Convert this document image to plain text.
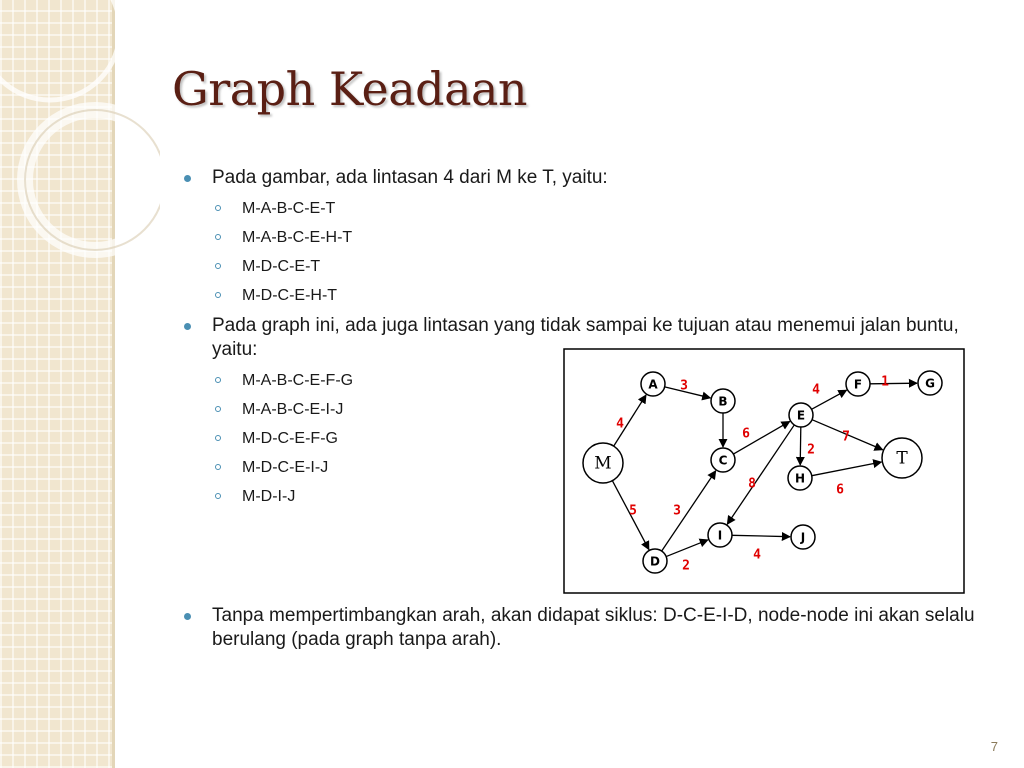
Graph Keadaan
Pada gambar, ada lintasan 4 dari M ke T, yaitu:
M-A-B-C-E-T
M-A-B-C-E-H-T
M-D-C-E-T
M-D-C-E-H-T
Pada graph ini, ada juga lintasan yang tidak sampai ke tujuan atau menemui jalan buntu, yaitu:
M-A-B-C-E-F-G
M-A-B-C-E-I-J
M-D-C-E-F-G
M-D-C-E-I-J
M-D-I-J
Tanpa mempertimbangkan arah, akan didapat siklus: D-C-E-I-D, node-node ini akan selalu berulang (pada graph tanpa arah).
4
3
6
5	3
2
4
1
7
2
6
8
4
M
A
B
C
D
E
F	G
H
I	J
T
7
